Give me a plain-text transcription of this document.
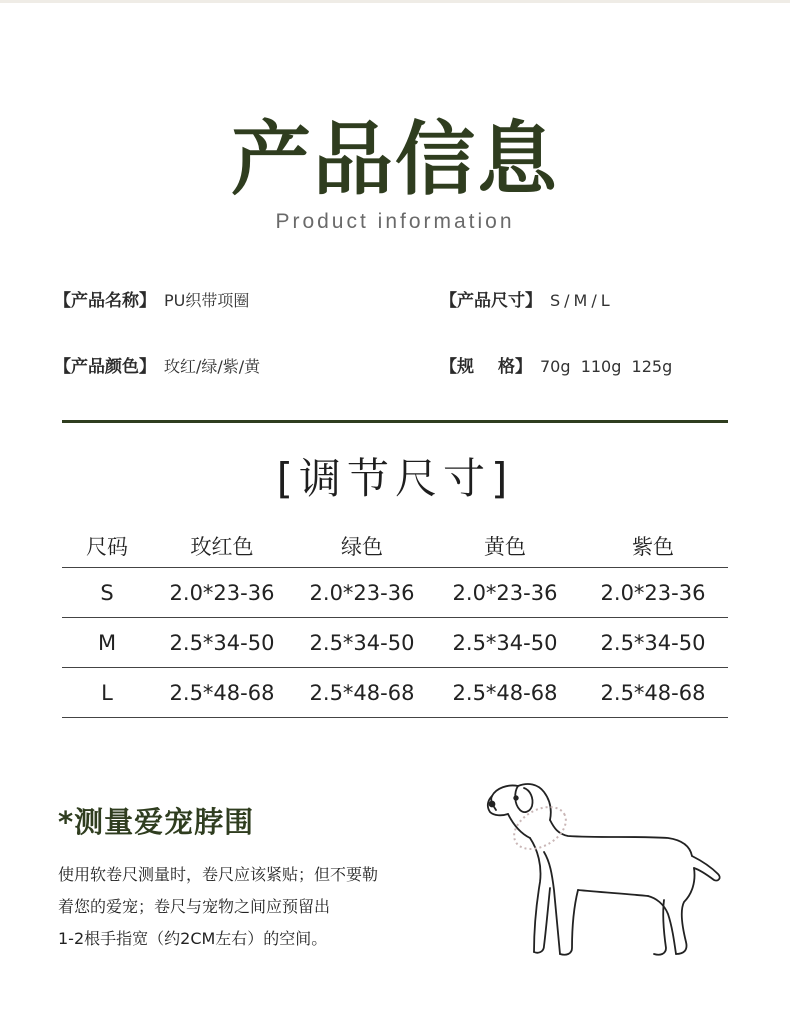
产品信息
Product information
【产品名称】 PU织带项圈	【产品尺寸】 S/M/L
【产品颜色】 玫红/绿/紫/黄	【规 格】 70g  110g  125g
[调节尺寸]
尺码	玫红色	绿色	黄色	紫色
S	2.0*23-36	2.0*23-36	2.0*23-36	2.0*23-36
M	2.5*34-50	2.5*34-50	2.5*34-50	2.5*34-50
L	2.5*48-68	2.5*48-68	2.5*48-68	2.5*48-68
*测量爱宠脖围
使用软卷尺测量时，卷尺应该紧贴；但不要勒
着您的爱宠；卷尺与宠物之间应预留出
1-2根手指宽（约2CM左右）的空间。
